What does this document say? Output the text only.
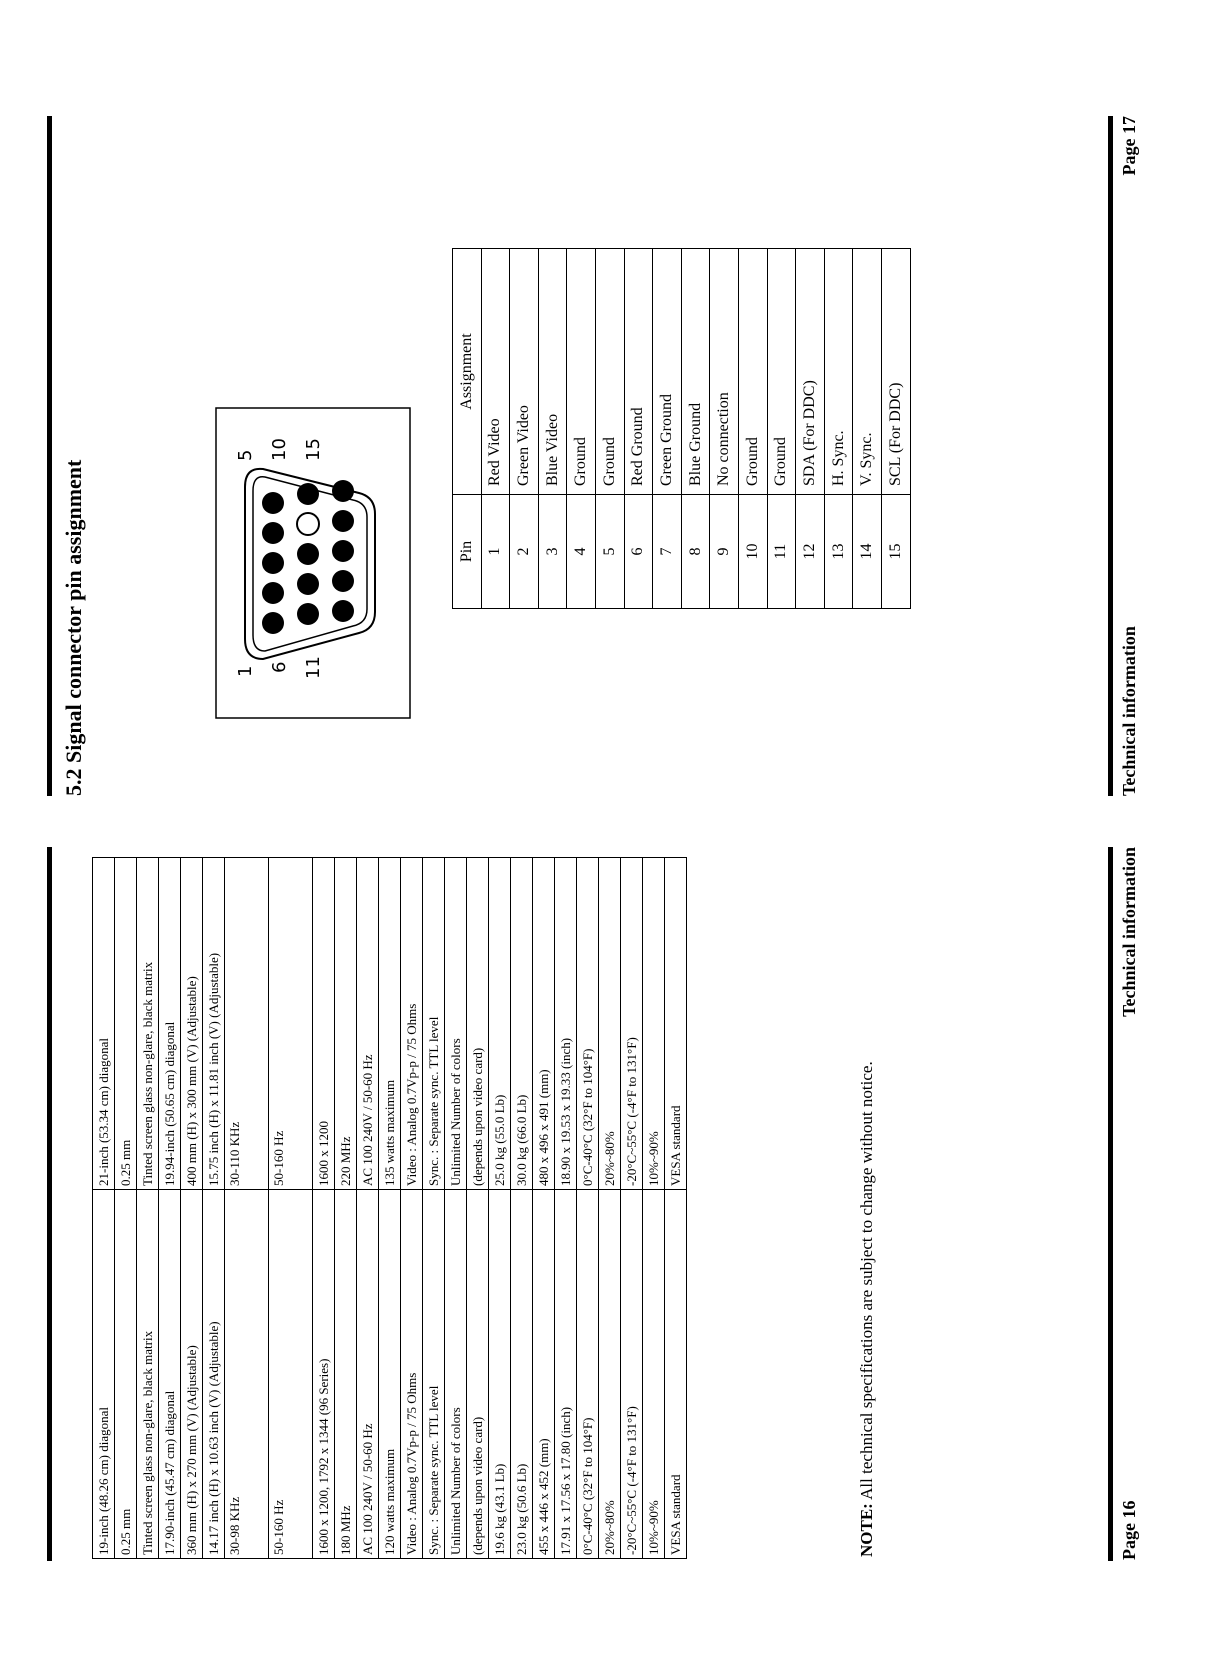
19-inch (48.26 cm) diagonal	21-inch (53.34 cm) diagonal
0.25 mm	0.25 mm
Tinted screen glass non-glare, black matrix	Tinted screen glass non-glare, black matrix
17.90-inch (45.47 cm) diagonal	19.94-inch (50.65 cm) diagonal
360 mm (H) x 270 mm (V) (Adjustable)	400 mm (H) x 300 mm (V) (Adjustable)
14.17 inch (H) x 10.63 inch (V) (Adjustable)	15.75 inch (H) x 11.81 inch (V) (Adjustable)
30-98 KHz	30-110 KHz
50-160 Hz	50-160 Hz
1600 x 1200, 1792 x 1344 (96 Series)	1600 x 1200
180 MHz	220 MHz
AC 100 240V / 50-60 Hz	AC 100 240V / 50-60 Hz
120 watts maximum	135 watts maximum
Video : Analog 0.7Vp-p / 75 Ohms	Video : Analog 0.7Vp-p / 75 Ohms
Sync. : Separate sync. TTL level	Sync. : Separate sync. TTL level
Unlimited Number of colors	Unlimited Number of colors
(depends upon video card)	(depends upon video card)
19.6 kg (43.1 Lb)	25.0 kg (55.0 Lb)
23.0 kg (50.6 Lb)	30.0 kg (66.0 Lb)
455 x 446 x 452 (mm)	480 x 496 x 491 (mm)
17.91 x 17.56 x 17.80 (inch)	18.90 x 19.53 x 19.33 (inch)
0°C-40°C (32°F to 104°F)	0°C-40°C (32°F to 104°F)
20%~80%	20%~80%
-20°C~55°C (-4°F to 131°F)	-20°C~55°C (-4°F to 131°F)
10%~90%	10%~90%
VESA standard	VESA standard
NOTE: All technical specifications are subject to change without notice.
Page 16
Technical information
5.2 Signal connector pin assignment	1 6 11
5 10 15
Pin	Assignment
1	Red Video
2	Green Video
3	Blue Video
4	Ground
5	Ground
6	Red Ground
7	Green Ground
8	Blue Ground
9	No connection
10	Ground
11	Ground
12	SDA (For DDC)
13	H. Sync.
14	V. Sync.
15	SCL (For DDC)
Technical information
Page 17
